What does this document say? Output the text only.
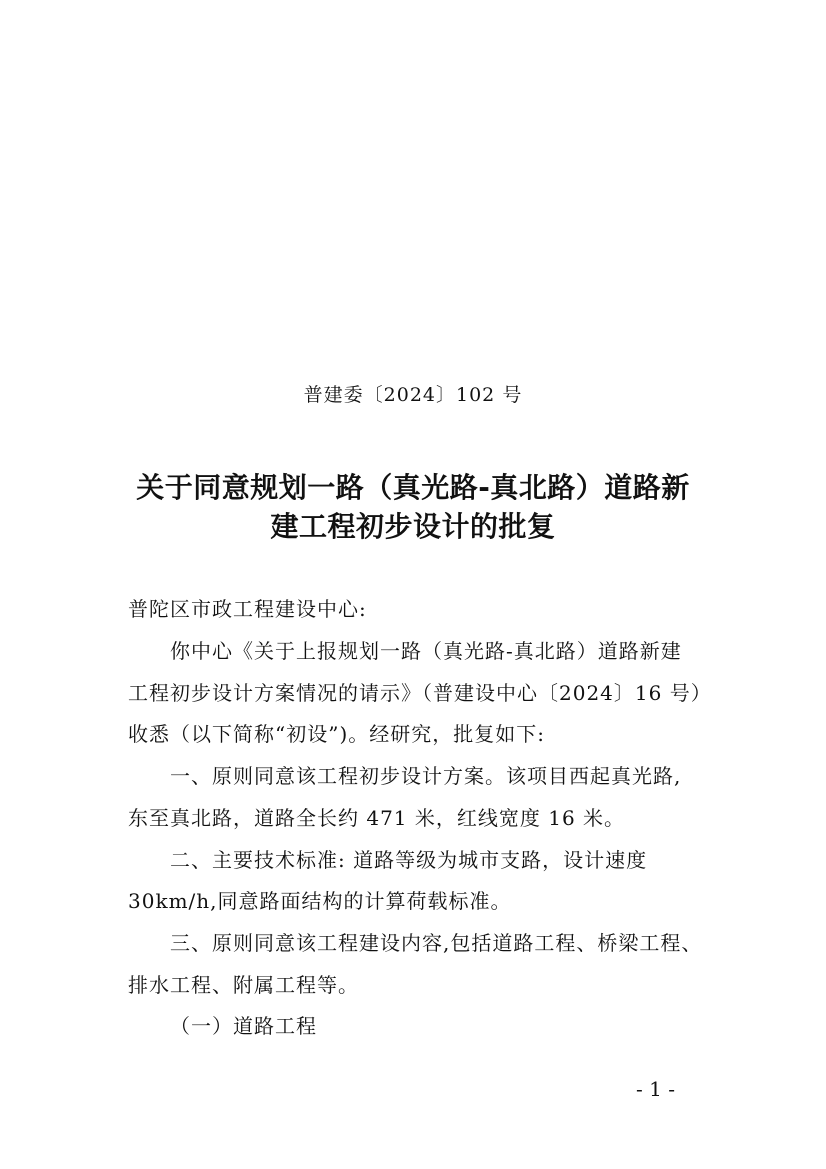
普建委〔2024〕102 号
关于同意规划一路（真光路-真北路）道路新
建工程初步设计的批复
普陀区市政工程建设中心:
你中心《关于上报规划一路（真光路-真北路）道路新建
工程初步设计方案情况的请示》（普建设中心〔2024〕16 号）
收悉（以下简称“初设”)。经研究，批复如下:
一、原则同意该工程初步设计方案。该项目西起真光路,
东至真北路，道路全长约 471 米，红线宽度 16 米。
二、主要技术标准: 道路等级为城市支路，设计速度
30km/h,同意路面结构的计算荷载标准。
三、原则同意该工程建设内容,包括道路工程、桥梁工程、
排水工程、附属工程等。
（一）道路工程
- 1 -
